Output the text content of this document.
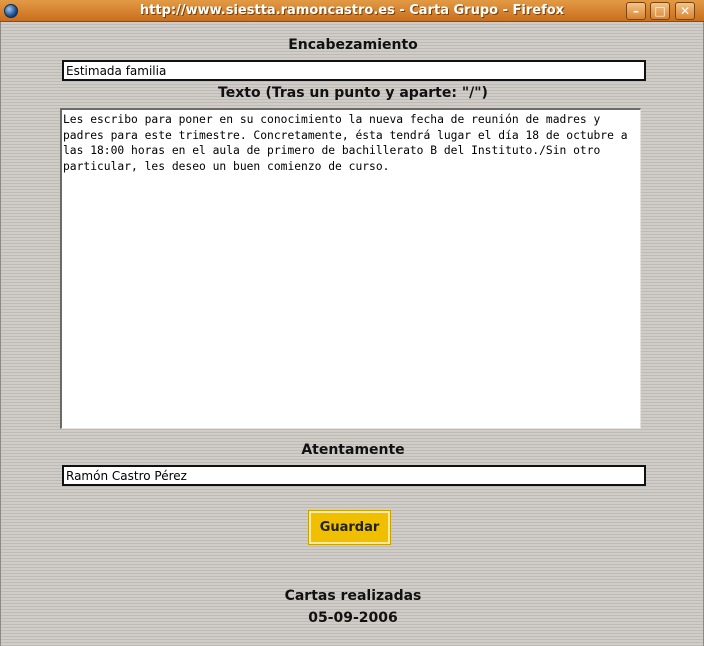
http://www.siestta.ramoncastro.es - Carta Grupo - Firefox	–	□	✕
Encabezamiento
Estimada familia
Texto (Tras un punto y aparte: "/")
Les escribo para poner en su conocimiento la nueva fecha de reunión de madres y padres para este trimestre. Concretamente, ésta tendrá lugar el día 18 de octubre a las 18:00 horas en el aula de primero de bachillerato B del Instituto./Sin otro particular, les deseo un buen comienzo de curso.
Atentamente
Ramón Castro Pérez
Guardar
Cartas realizadas
05-09-2006
